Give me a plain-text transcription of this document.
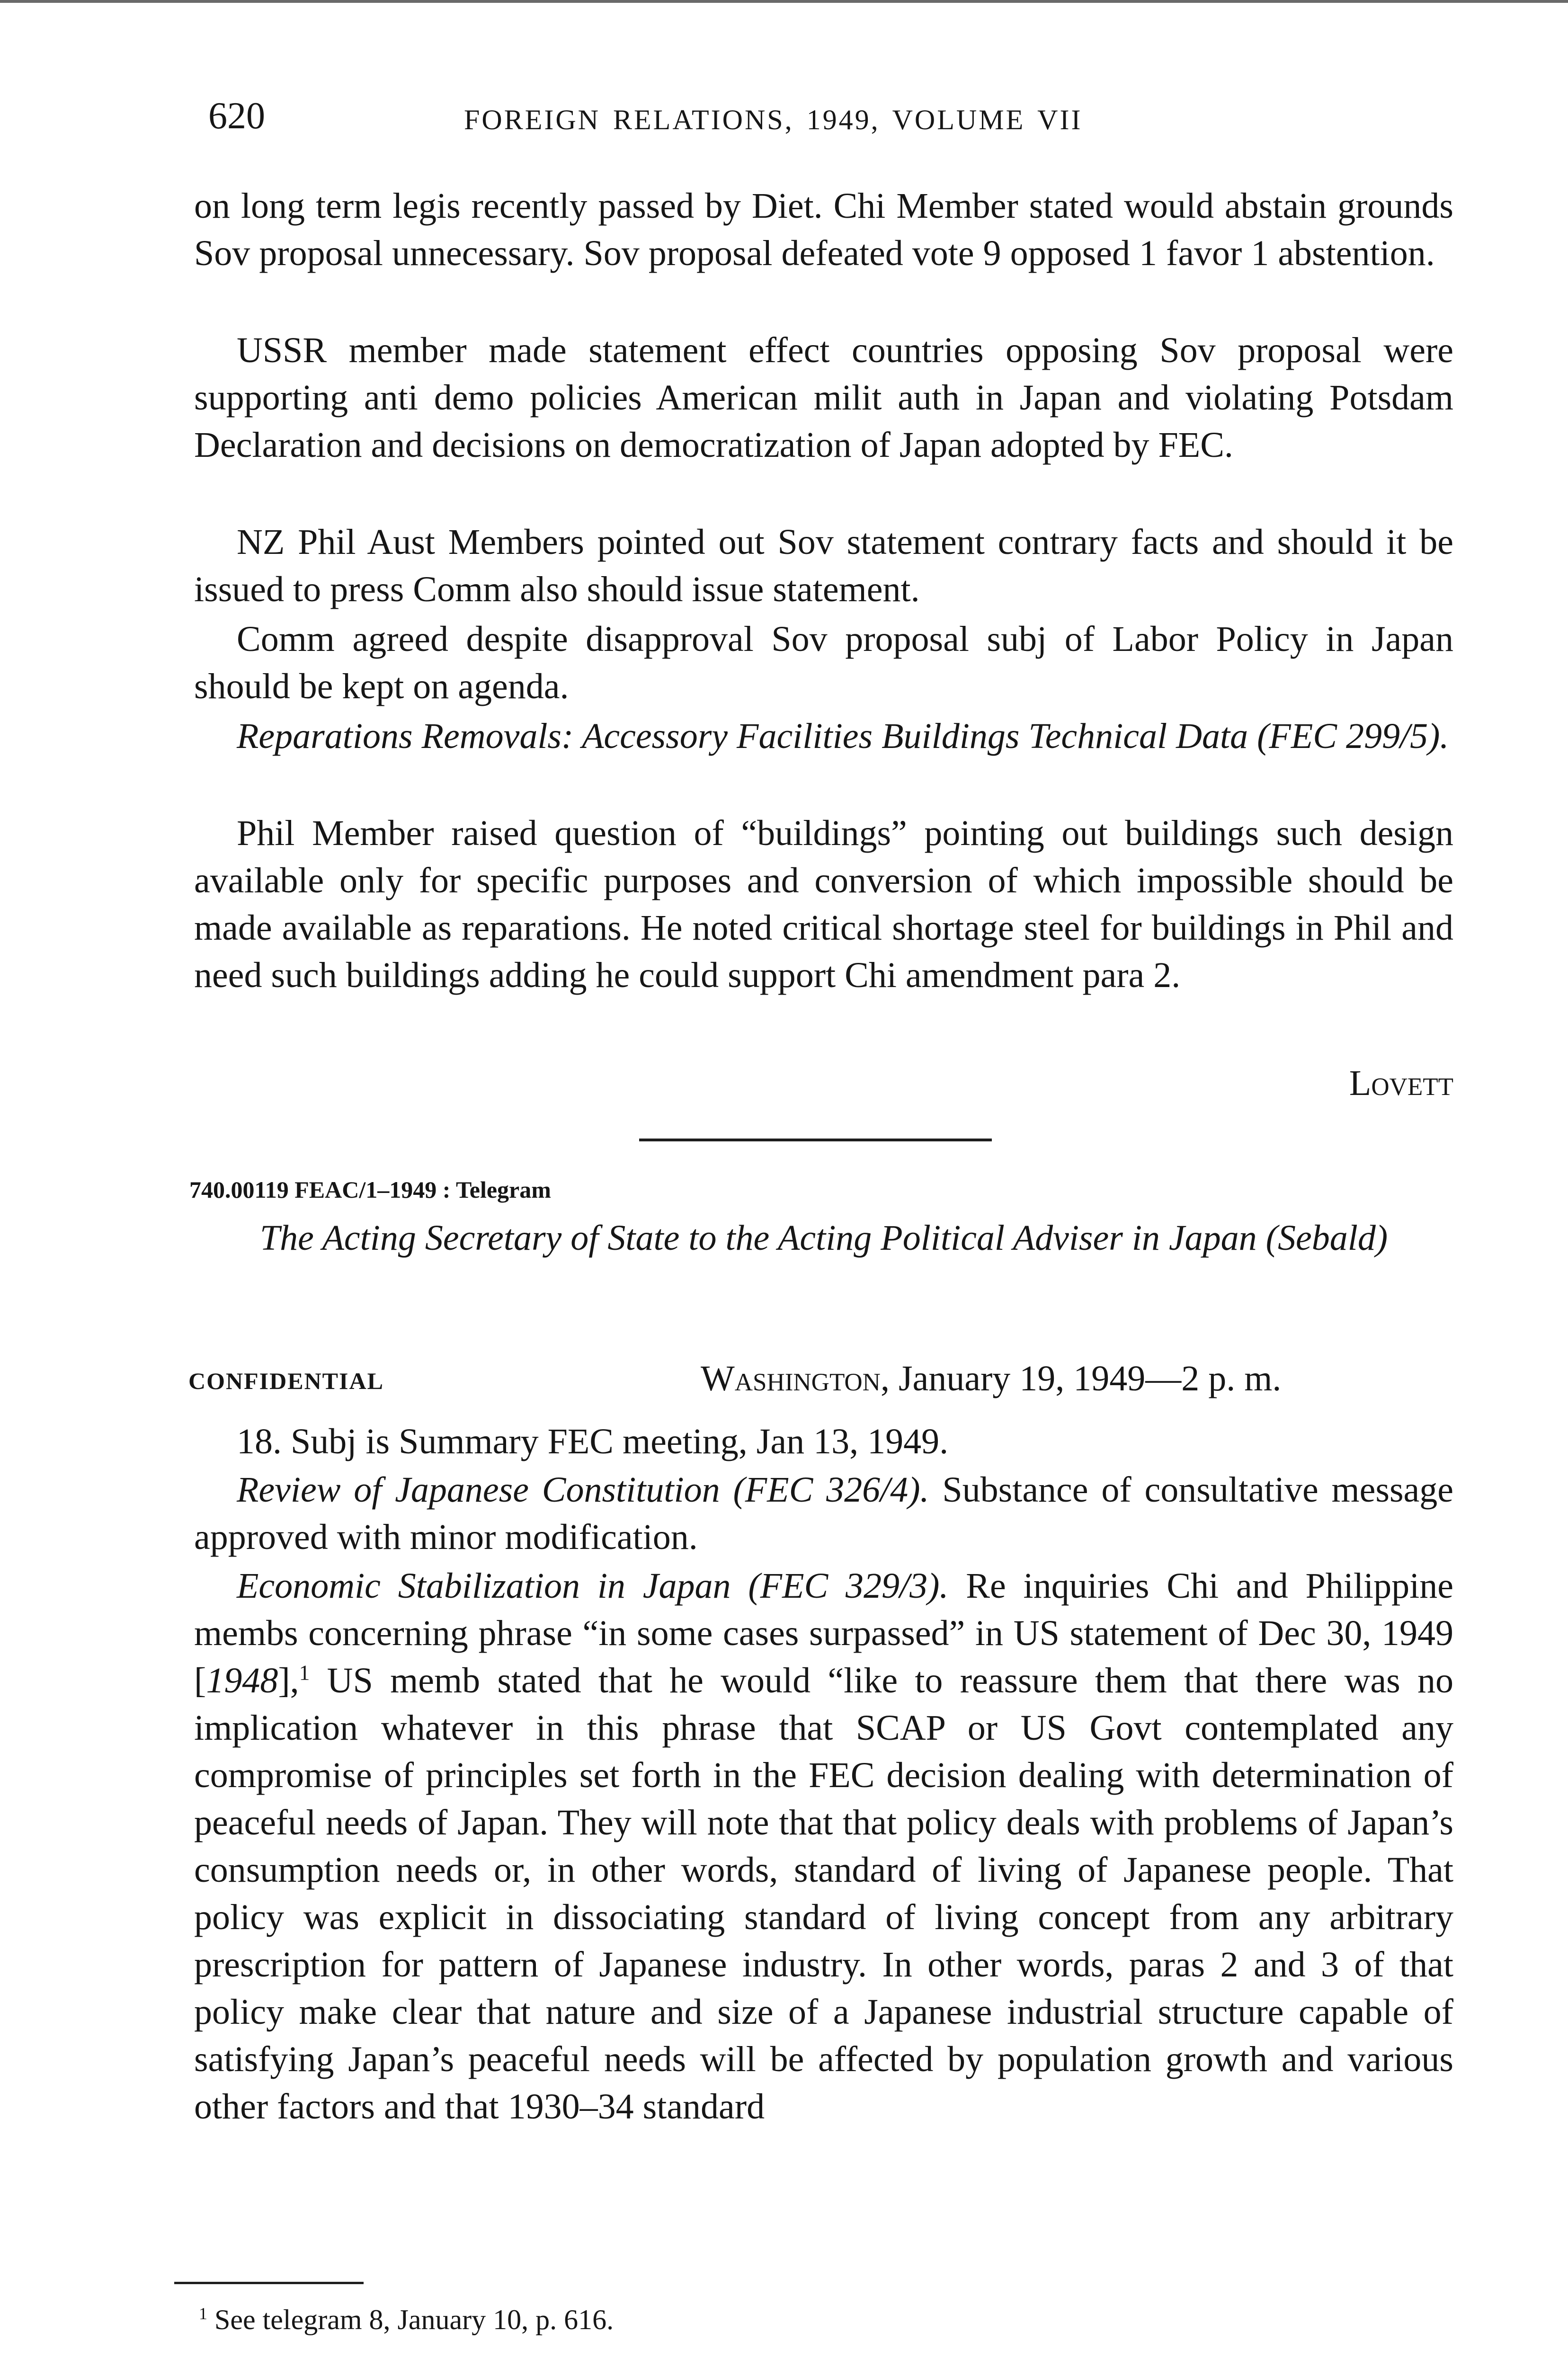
620	FOREIGN RELATIONS, 1949, VOLUME VII

on long term legis recently passed by Diet. Chi Member stated would abstain grounds Sov proposal unnecessary. Sov proposal defeated vote 9 opposed 1 favor 1 abstention.

USSR member made statement effect countries opposing Sov proposal were supporting anti demo policies American milit auth in Japan and violating Potsdam Declaration and decisions on democratization of Japan adopted by FEC.

NZ Phil Aust Members pointed out Sov statement contrary facts and should it be issued to press Comm also should issue statement.

Comm agreed despite disapproval Sov proposal subj of Labor Policy in Japan should be kept on agenda.

Reparations Removals: Accessory Facilities Buildings Technical Data (FEC 299/5).

Phil Member raised question of “buildings” pointing out buildings such design available only for specific purposes and conversion of which impossible should be made available as reparations. He noted critical shortage steel for buildings in Phil and need such buildings adding he could support Chi amendment para 2.

Lovett
740.00119 FEAC/1–1949 : Telegram
The Acting Secretary of State to the Acting Political Adviser in Japan (Sebald)
CONFIDENTIAL	Washington, January 19, 1949—2 p. m.

18. Subj is Summary FEC meeting, Jan 13, 1949.

Review of Japanese Constitution (FEC 326/4). Substance of consultative message approved with minor modification.

Economic Stabilization in Japan (FEC 329/3). Re inquiries Chi and Philippine membs concerning phrase “in some cases surpassed” in US statement of Dec 30, 1949 [1948],$^1$ US memb stated that he would “like to reassure them that there was no implication whatever in this phrase that SCAP or US Govt contemplated any compromise of principles set forth in the FEC decision dealing with determination of peaceful needs of Japan. They will note that that policy deals with problems of Japan’s consumption needs or, in other words, standard of living of Japanese people. That policy was explicit in dissociating standard of living concept from any arbitrary prescription for pattern of Japanese industry. In other words, paras 2 and 3 of that policy make clear that nature and size of a Japanese industrial structure capable of satisfying Japan’s peaceful needs will be affected by population growth and various other factors and that 1930–34 standard

$^1$ See telegram 8, January 10, p. 616.
